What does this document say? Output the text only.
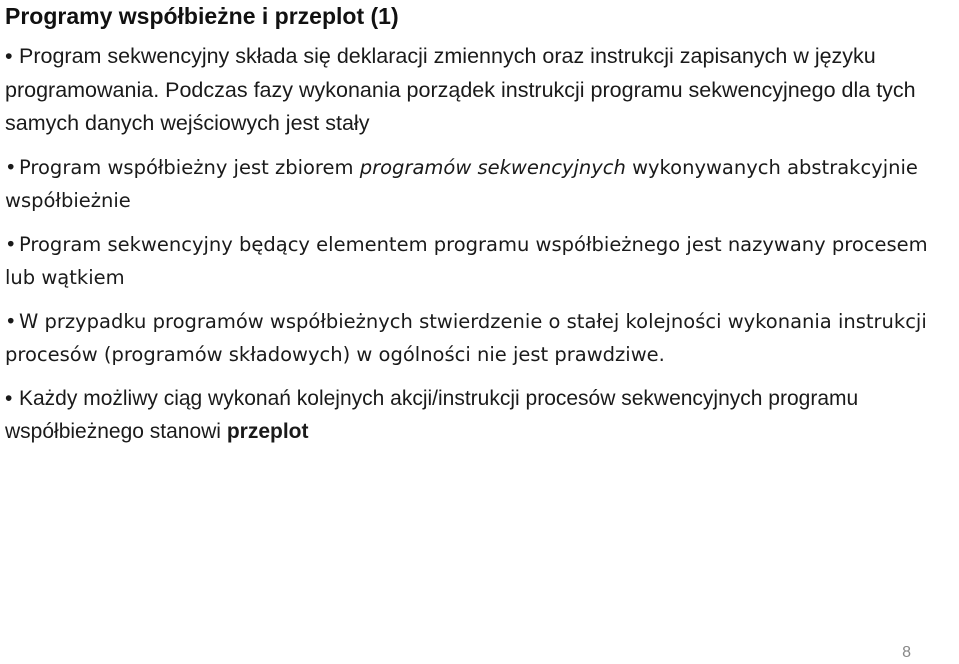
Programy współbieżne i przeplot (1)
• Program sekwencyjny składa się deklaracji zmiennych oraz instrukcji zapisanych w języku programowania. Podczas fazy wykonania porządek instrukcji programu sekwencyjnego dla tych samych danych wejściowych jest stały
• Program współbieżny jest zbiorem programów sekwencyjnych wykonywanych abstrakcyjnie współbieżnie
• Program sekwencyjny będący elementem programu współbieżnego jest nazywany procesem lub wątkiem
• W przypadku programów współbieżnych stwierdzenie o stałej kolejności wykonania instrukcji procesów (programów składowych) w ogólności nie jest prawdziwe.
• Każdy możliwy ciąg wykonań kolejnych akcji/instrukcji procesów sekwencyjnych programu współbieżnego stanowi przeplot
8
